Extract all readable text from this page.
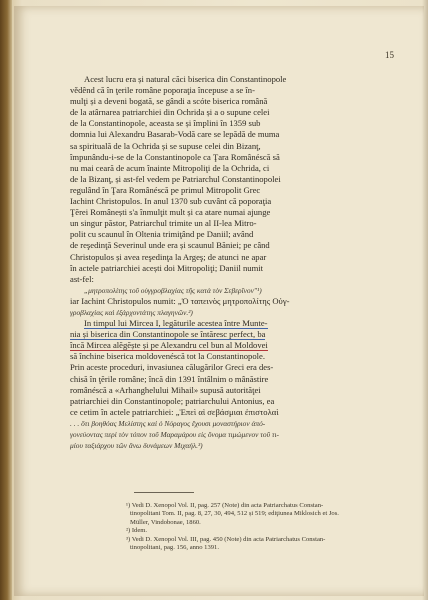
15
Acest lucru era și natural căci biserica din Constantinopole
vědênd că în ţerile române poporaţia începuse a se în-
mulţi și a deveni bogată, se gândi a scóte biserica română
de la atârnarea patriarchiei din Ochrida și a o supune celei
de la Constantinopole, aceasta se și împlini în 1359 sub
domnia lui Alexandru Basarab-Vodă care se lepădă de muma
sa spirituală de la Ochrida și se supuse celei din Bizanţ,
împunându-i-se de la Constantinopole ca Ţara Românéscă să
nu mai ceară de acum înainte Mitropoliţi de la Ochrida, ci
de la Bizanţ, și ast-fel vedem pe Patriarchul Constantinopolei
regulând în Ţara Românéscă pe primul Mitropolit Grec
Iachint Christopulos. In anul 1370 sub cuvânt că poporaţia
Ţĕrei Românești s'a înmulţit mult și ca atare numai ajunge
un singur păstor, Patriarchul trimite un al II-lea Mitro-
polit cu scaunul în Oltenia trimiţând pe Daniil; având
de reşedinţă Severinul unde era și scaunul Băniei; pe când
Christopulos și avea reşedinţa la Argeş; de atunci ne apar
în actele patriarchiei acești doi Mitropoliţi; Daniil numit
ast-fel:
„μητροπολίτης τοῦ οὐγγροβλαχίας τῆς κατὰ τὸν Σεβερῖνον"¹)
iar Iachint Christopulos numit: „Ὁ ταπεινὸς μητροπολίτης Οὐγ-
γροβλαχίας καὶ ἐξάρχοντάτης πλαγηνῶν.²)
In timpul lui Mircea I, legăturile acestea între Munte-
nia și biserica din Constantinopole se întăresc perfect, ba
încă Mircea alĕgĕște și pe Alexandru cel bun al Moldovei
să închine biserica moldovenéscă tot la Constantinopole.
Prin aceste proceduri, invasiunea călugărilor Greci era des-
chisă în ţĕrile române; încă din 1391 întâlnim o mânăstire
românéscă a «Arhanghelului Mihail» supusă autorităţei
patriarchiei din Constantinopole; patriarchului Antonius, ea
ce cetim în actele patriarchiei: „Ἐπεὶ αἱ σεβάσμιαι ἐπιστολαὶ
. . . ὅτι βοηθόας Μελίστης καὶ ὁ Νόραγος ἕχουσι μοναστήριον ἀπό-
γονεύοντας περὶ τὸν τόπον τοῦ Μαραμάρου εἰς ὄνομα τιμώμενον τοῦ τι-
μίου ταξιάρχου τῶν ἄνω δυνάμεων Μιχαήλ.³)
¹) Vedi D. Xenopol Vol. II, pag. 257 (Note) din acta Patriarchatus Constan-
tinopolitani Tom. II, pag. 8, 27, 30, 494, 512 și 519; ediţiunea Miklosich et Jos.
Müller, Vindobonae, 1860.
²) Idem.
³) Vedi D. Xenopol Vol. III, pag. 450 (Note) din acta Patriarchatus Constan-
tinopolitani, pag. 156, anno 1391.
